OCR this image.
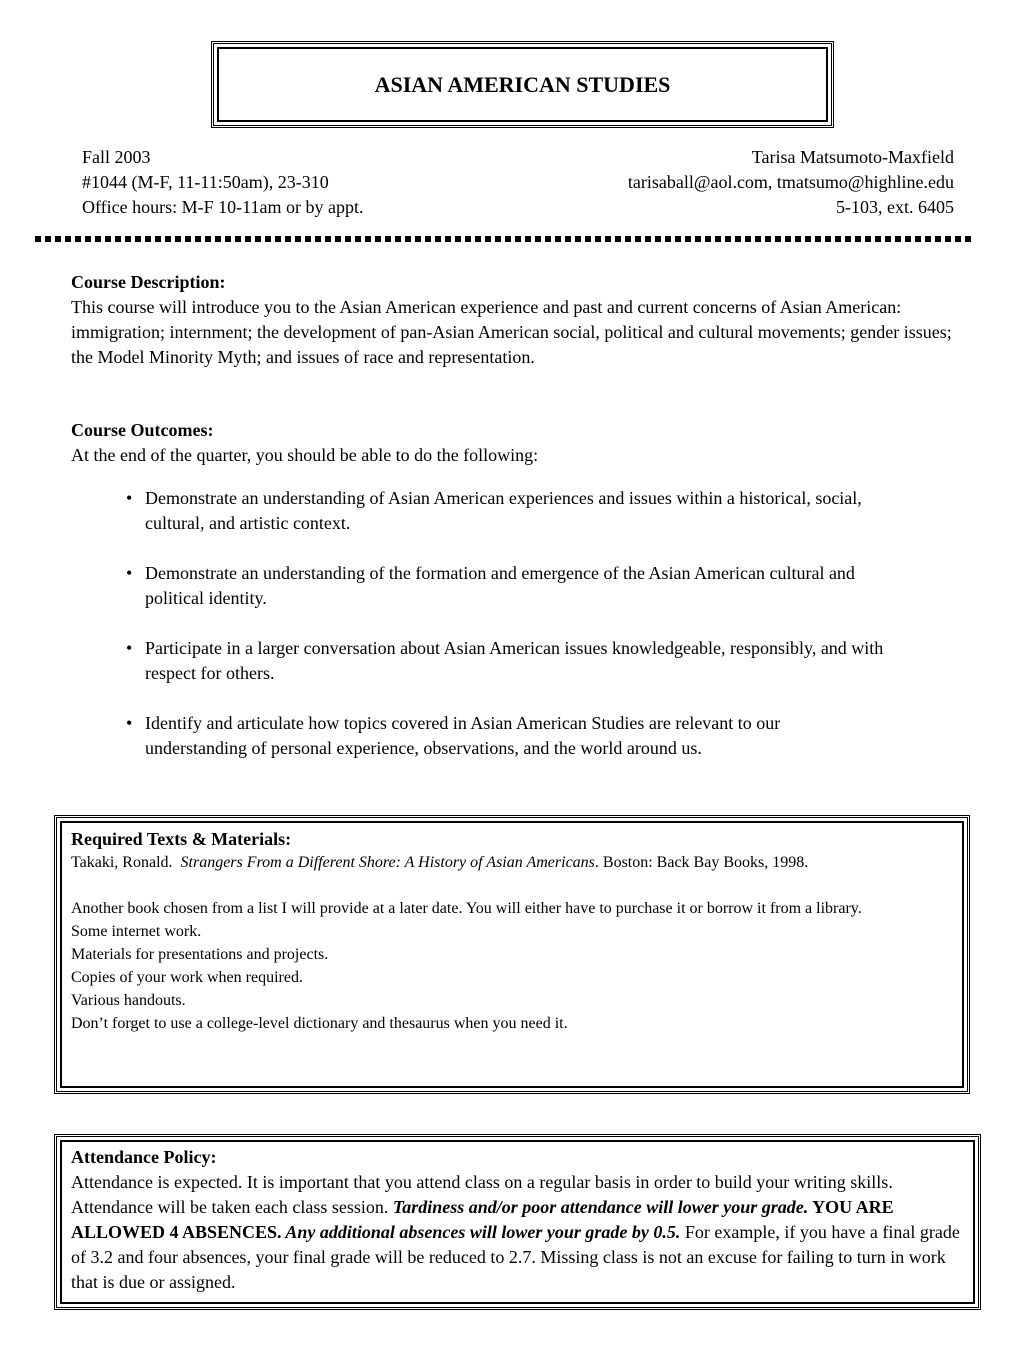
ASIAN AMERICAN STUDIES
Fall 2003
#1044 (M-F, 11-11:50am), 23-310
Office hours: M-F 10-11am or by appt.
Tarisa Matsumoto-Maxfield
tarisaball@aol.com, tmatsumo@highline.edu
5-103, ext. 6405
Course Description:
This course will introduce you to the Asian American experience and past and current concerns of Asian American: immigration; internment; the development of pan-Asian American social, political and cultural movements; gender issues; the Model Minority Myth; and issues of race and representation.
Course Outcomes:
At the end of the quarter, you should be able to do the following:
• Demonstrate an understanding of Asian American experiences and issues within a historical, social, cultural, and artistic context.
• Demonstrate an understanding of the formation and emergence of the Asian American cultural and political identity.
• Participate in a larger conversation about Asian American issues knowledgeable, responsibly, and with respect for others.
• Identify and articulate how topics covered in Asian American Studies are relevant to our understanding of personal experience, observations, and the world around us.
Required Texts & Materials:
Takaki, Ronald. Strangers From a Different Shore: A History of Asian Americans. Boston: Back Bay Books, 1998.
Another book chosen from a list I will provide at a later date. You will either have to purchase it or borrow it from a library.
Some internet work.
Materials for presentations and projects.
Copies of your work when required.
Various handouts.
Don’t forget to use a college-level dictionary and thesaurus when you need it.
Attendance Policy:
Attendance is expected. It is important that you attend class on a regular basis in order to build your writing skills. Attendance will be taken each class session. Tardiness and/or poor attendance will lower your grade. YOU ARE ALLOWED 4 ABSENCES. Any additional absences will lower your grade by 0.5. For example, if you have a final grade of 3.2 and four absences, your final grade will be reduced to 2.7. Missing class is not an excuse for failing to turn in work that is due or assigned.
